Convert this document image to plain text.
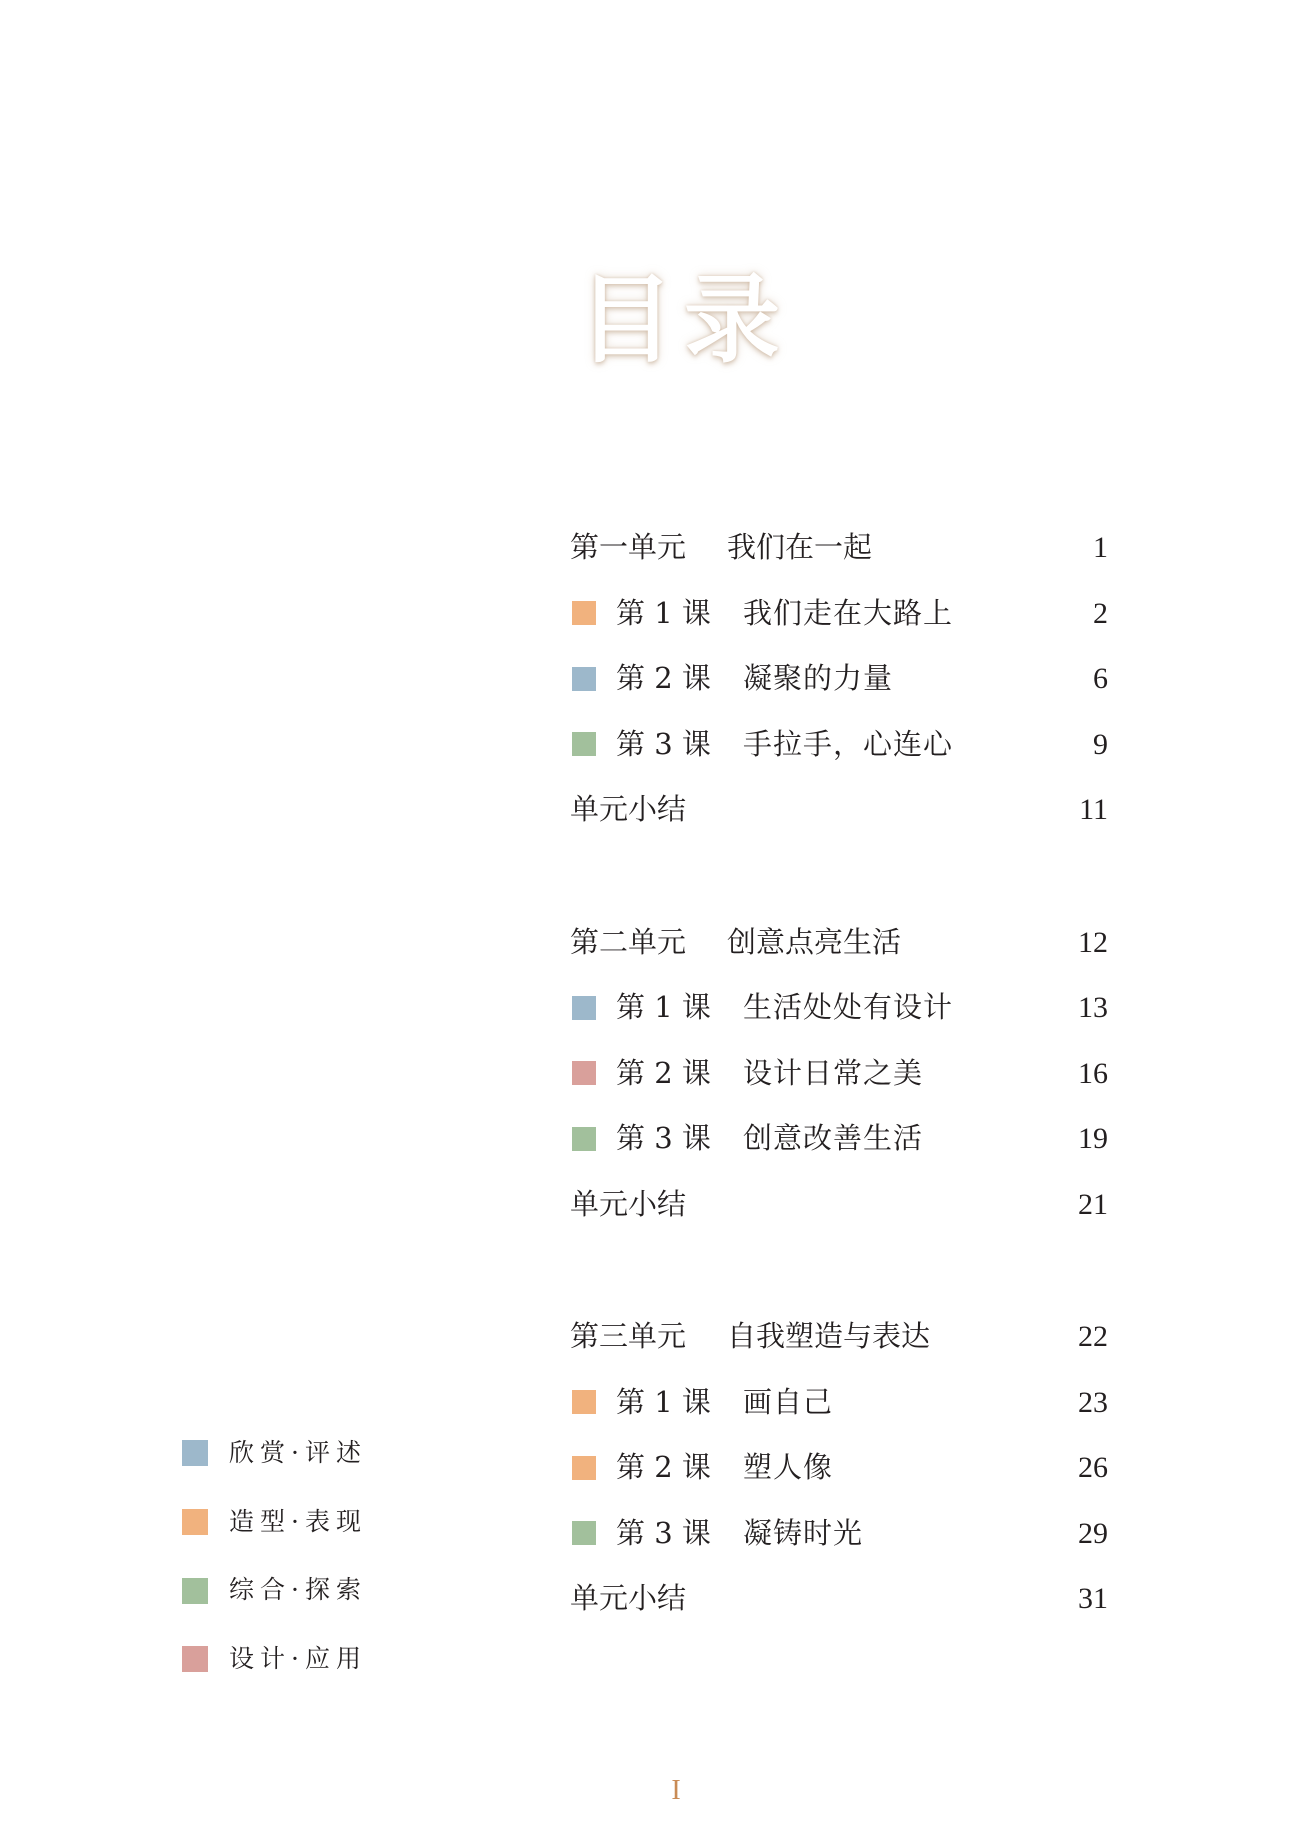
目录
第一单元 我们在一起	1
第 1 课 我们走在大路上	2
第 2 课 凝聚的力量	6
第 3 课 手拉手，心连心	9
单元小结	11
第二单元 创意点亮生活	12
第 1 课 生活处处有设计	13
第 2 课 设计日常之美	16
第 3 课 创意改善生活	19
单元小结	21
第三单元 自我塑造与表达	22
第 1 课 画自己	23
第 2 课 塑人像	26
第 3 课 凝铸时光	29
单元小结	31
欣赏·评述
造型·表现
综合·探索
设计·应用
I
